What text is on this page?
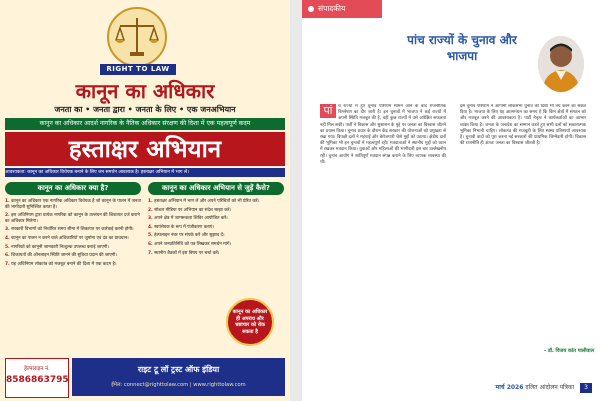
RIGHT TO LAW
कानून का अधिकार
जनता का • जनता द्वारा • जनता के लिए • एक जनअभियान
कानून का अधिकार आदर्श नागरिक के नैतिक अधिकार संरक्षण की दिशा में एक महत्वपूर्ण कदम
हस्ताक्षर अभियान
आवश्यकता: कानून का अधिकार विधेयक बनाने के लिए जन समर्थन आवश्यक है। हस्ताक्षर अभियान में भाग लें।
कानून का अधिकार क्या है?
1. कानून का अधिकार एक नागरिक अधिकार विधेयक है जो कानून के पालन में जनता की भागीदारी सुनिश्चित करता है।
2. इस अधिनियम द्वारा प्रत्येक नागरिक को कानून के उल्लंघन की शिकायत दर्ज कराने का अधिकार मिलेगा।
3. सरकारी विभागों को निर्धारित समय सीमा में शिकायत पर कार्रवाई करनी होगी।
4. कानून का पालन न करने वाले अधिकारियों पर जुर्माना एवं दंड का प्रावधान।
5. नागरिकों को कानूनी जानकारी निःशुल्क उपलब्ध कराई जाएगी।
6. शिकायतों की ऑनलाइन स्थिति जानने की सुविधा प्रदान की जाएगी।
7. यह अधिनियम लोकतंत्र को मजबूत बनाने की दिशा में एक कदम है।
कानून का अधिकार अभियान से जुड़ें कैसे?
1. हस्ताक्षर अभियान में भाग लें और अपने परिचितों को भी प्रेरित करें।
2. सोशल मीडिया पर अभियान का संदेश साझा करें।
3. अपने क्षेत्र में जागरूकता शिविर आयोजित करें।
4. स्वयंसेवक के रूप में पंजीकरण कराएं।
5. हेल्पलाइन नंबर पर संपर्क करें और सुझाव दें।
6. अपने जनप्रतिनिधि को पत्र लिखकर समर्थन मांगें।
7. स्थानीय बैठकों में इस विषय पर चर्चा करें।
कानून का अधिकार ही अपराध और भ्रष्टाचार को रोक सकता है
हेल्पलाइन नं.
8586863795
राइट टू लॉ ट्रस्ट ऑफ इंडिया
ईमेल: connect@righttolaw.com | www.righttolaw.com
संपादकीय
पांच राज्यों के चुनाव और भाजपा
पां	च राज्यों में हुए चुनाव परिणाम सामने आने के बाद राजनीतिक विश्लेषण का दौर जारी है। इन चुनावों में भाजपा ने कई राज्यों में अपनी स्थिति मजबूत की है, वहीं कुछ राज्यों में उसे अपेक्षित सफलता नहीं मिल सकी। पार्टी ने विकास और सुशासन के मुद्दे पर जनता का विश्वास जीतने का प्रयास किया। चुनाव प्रचार के दौरान केंद्र सरकार की योजनाओं को प्रमुखता से रखा गया। विपक्षी दलों ने महंगाई और बेरोजगारी जैसे मुद्दों को उठाया। क्षेत्रीय दलों की भूमिका भी इन चुनावों में महत्वपूर्ण रही। मतदाताओं ने स्थानीय मुद्दों को ध्यान में रखकर मतदान किया। युवाओं और महिलाओं की भागीदारी इस बार उल्लेखनीय रही। चुनाव आयोग ने शांतिपूर्ण मतदान संपन्न कराने के लिए व्यापक व्यवस्था की थी।
इस चुनाव परिणाम ने आगामी लोकसभा चुनाव की दिशा भी तय करने का संकेत दिया है। भाजपा के लिए यह आत्ममंथन का समय है कि किन क्षेत्रों में संगठन को और मजबूत करने की आवश्यकता है। पार्टी नेतृत्व ने कार्यकर्ताओं का आभार व्यक्त किया है। जनता के जनादेश का सम्मान करते हुए सभी दलों को सकारात्मक भूमिका निभानी चाहिए। लोकतंत्र की मजबूती के लिए स्वस्थ प्रतिस्पर्धा आवश्यक है। चुनावी वादों को पूरा करना नई सरकारों की प्राथमिक जिम्मेदारी होगी। विकास की राजनीति ही अंततः जनता का विश्वास जीतती है।
- डॉ. विजय कांत पालीवाल
मार्च 2026 दलित आंदोलन पत्रिका 3
